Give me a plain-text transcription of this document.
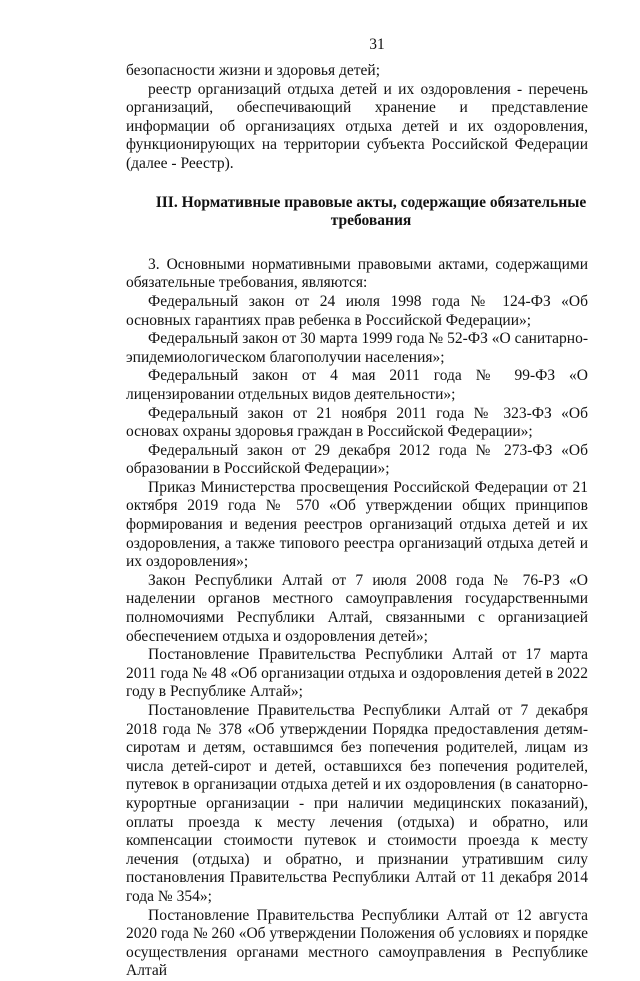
31

безопасности жизни и здоровья детей;

реестр организаций отдыха детей и их оздоровления - перечень организаций, обеспечивающий хранение и представление информации об организациях отдыха детей и их оздоровления, функционирующих на территории субъекта Российской Федерации (далее - Реестр).

III. Нормативные правовые акты, содержащие обязательные требования

3. Основными нормативными правовыми актами, содержащими обязательные требования, являются:

Федеральный закон от 24 июля 1998 года № 124-ФЗ «Об основных гарантиях прав ребенка в Российской Федерации»;

Федеральный закон от 30 марта 1999 года № 52-ФЗ «О санитарно-эпидемиологическом благополучии населения»;

Федеральный закон от 4 мая 2011 года № 99-ФЗ «О лицензировании отдельных видов деятельности»;

Федеральный закон от 21 ноября 2011 года № 323-ФЗ «Об основах охраны здоровья граждан в Российской Федерации»;

Федеральный закон от 29 декабря 2012 года № 273-ФЗ «Об образовании в Российской Федерации»;

Приказ Министерства просвещения Российской Федерации от 21 октября 2019 года № 570 «Об утверждении общих принципов формирования и ведения реестров организаций отдыха детей и их оздоровления, а также типового реестра организаций отдыха детей и их оздоровления»;

Закон Республики Алтай от 7 июля 2008 года № 76-РЗ «О наделении органов местного самоуправления государственными полномочиями Республики Алтай, связанными с организацией обеспечением отдыха и оздоровления детей»;

Постановление Правительства Республики Алтай от 17 марта 2011 года № 48 «Об организации отдыха и оздоровления детей в 2022 году в Республике Алтай»;

Постановление Правительства Республики Алтай от 7 декабря 2018 года № 378 «Об утверждении Порядка предоставления детям-сиротам и детям, оставшимся без попечения родителей, лицам из числа детей-сирот и детей, оставшихся без попечения родителей, путевок в организации отдыха детей и их оздоровления (в санаторно-курортные организации - при наличии медицинских показаний), оплаты проезда к месту лечения (отдыха) и обратно, или компенсации стоимости путевок и стоимости проезда к месту лечения (отдыха) и обратно, и признании утратившим силу постановления Правительства Республики Алтай от 11 декабря 2014 года № 354»;

Постановление Правительства Республики Алтай от 12 августа 2020 года № 260 «Об утверждении Положения об условиях и порядке осуществления органами местного самоуправления в Республике Алтай
